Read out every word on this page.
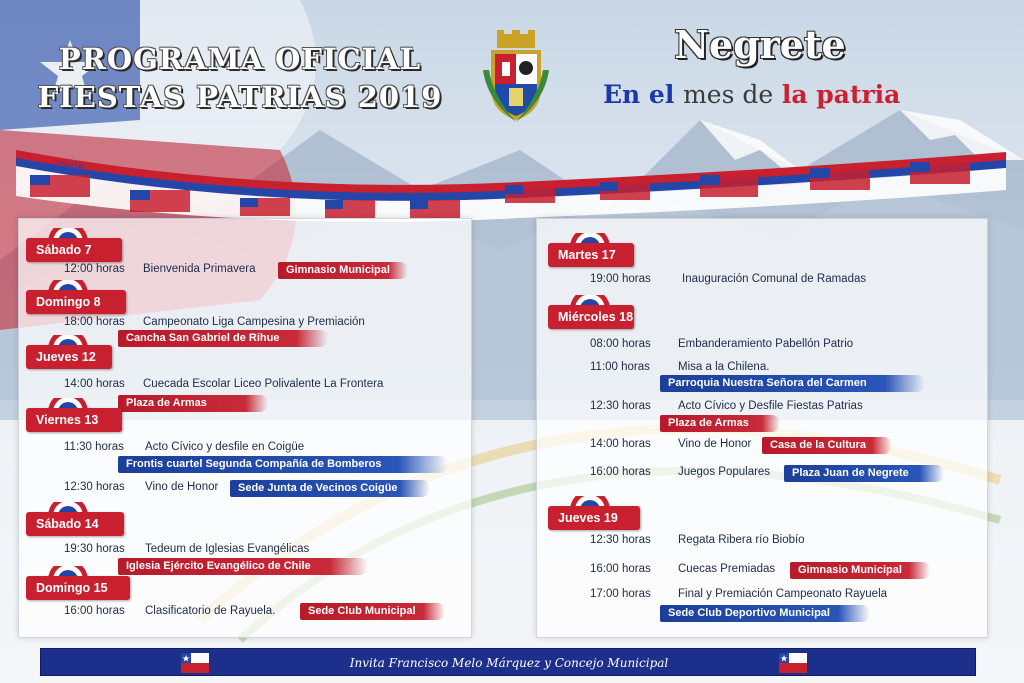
PROGRAMA OFICIAL
FIESTAS PATRIAS 2019
Negrete
En el mes de la patria
Chile
Sábado 7
12:00 horas Bienvenida Primavera	Gimnasio Municipal
Domingo 8
18:00 horas Campeonato Liga Campesina y Premiación
Cancha San Gabriel de Rihue
Jueves 12
14:00 horas Cuecada Escolar Liceo Polivalente La Frontera
Plaza de Armas
Viernes 13
11:30 horas Acto Cívico y desfile en Coigüe
Frontis cuartel Segunda Compañía de Bomberos
12:30 horas Vino de Honor	Sede Junta de Vecinos Coigüe
Sábado 14
19:30 horas Tedeum de Iglesias Evangélicas
Iglesia Ejército Evangélico de Chile
Domingo 15
16:00 horas Clasificatorio de Rayuela.	Sede Club Municipal
Martes 17
19:00 horas	Inauguración Comunal de Ramadas
Miércoles 18
08:00 horas Embanderamiento Pabellón Patrio
11:00 horas Misa a la Chilena.
Parroquia Nuestra Señora del Carmen
12:30 horas Acto Cívico y Desfile Fiestas Patrias
Plaza de Armas
14:00 horas Vino de Honor	Casa de la Cultura
16:00 horas Juegos Populares	Plaza Juan de Negrete
Jueves 19
12:30 horas Regata Ribera río Biobío
16:00 horas Cuecas Premiadas	Gimnasio Municipal
17:00 horas Final y Premiación Campeonato Rayuela
Sede Club Deportivo Municipal
Invita Francisco Melo Márquez y Concejo Municipal
